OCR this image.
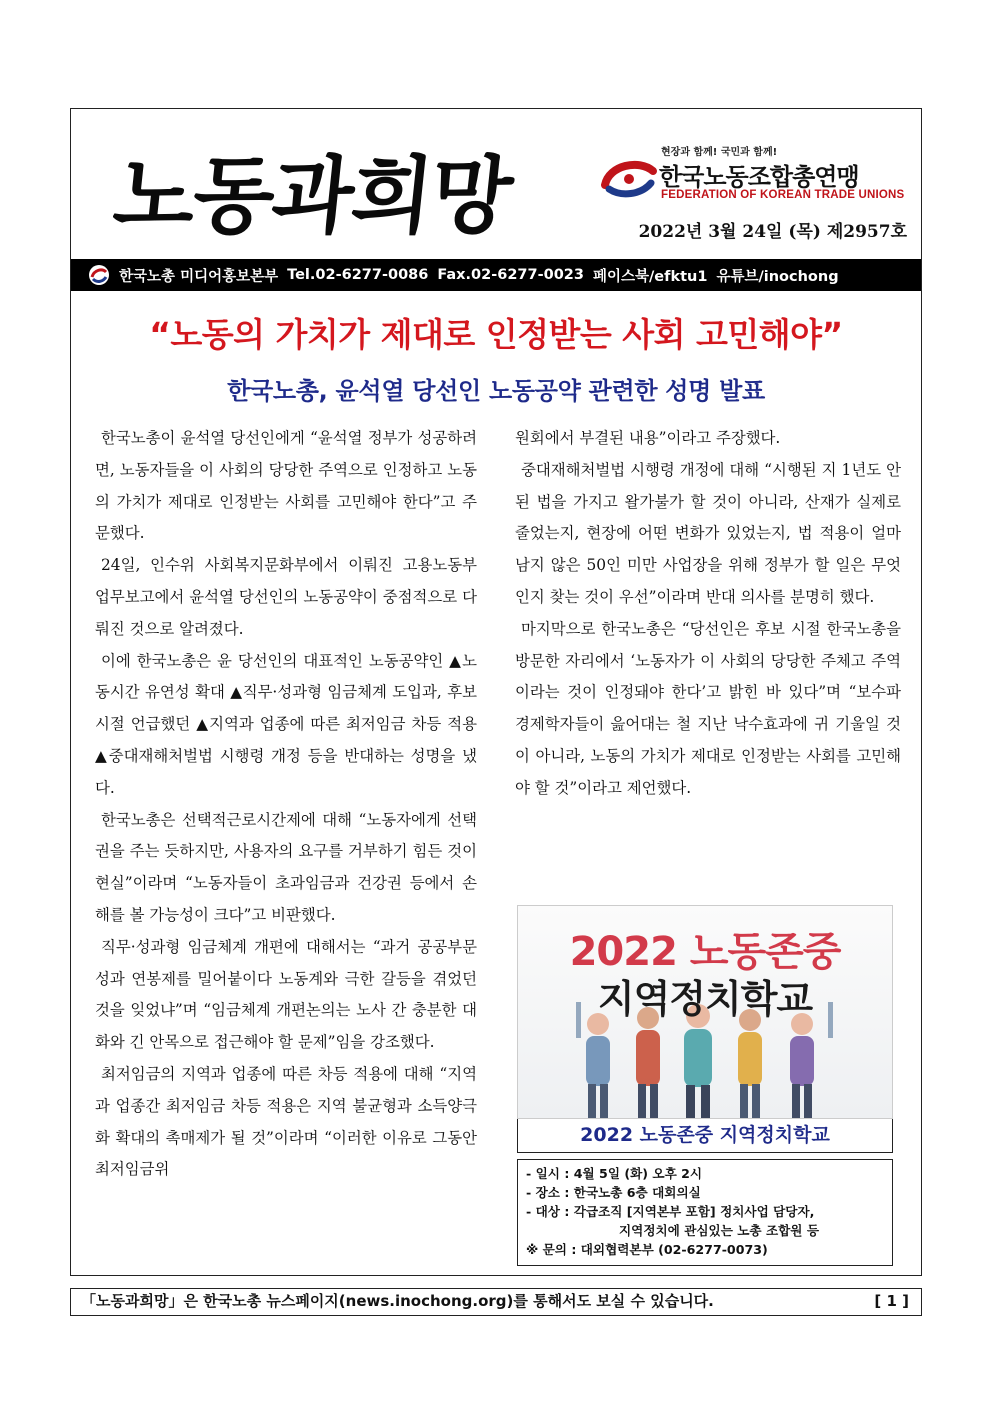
노동과희망	현장과 함께! 국민과 함께!
한국노동조합총연맹
FEDERATION OF KOREAN TRADE UNIONS
2022년 3월 24일 (목) 제2957호
한국노총 미디어홍보본부 Tel.02-6277-0086 Fax.02-6277-0023 페이스북/efktu1 유튜브/inochong
“노동의 가치가 제대로 인정받는 사회 고민해야”
한국노총, 윤석열 당선인 노동공약 관련한 성명 발표

한국노총이 윤석열 당선인에게 “윤석열 정부가 성공하려면, 노동자들을 이 사회의 당당한 주역으로 인정하고 노동의 가치가 제대로 인정받는 사회를 고민해야 한다”고 주문했다.

24일, 인수위 사회복지문화부에서 이뤄진 고용노동부 업무보고에서 윤석열 당선인의 노동공약이 중점적으로 다뤄진 것으로 알려졌다.

이에 한국노총은 윤 당선인의 대표적인 노동공약인 ▲노동시간 유연성 확대 ▲직무·성과형 임금체계 도입과, 후보 시절 언급했던 ▲지역과 업종에 따른 최저임금 차등 적용 ▲중대재해처벌법 시행령 개정 등을 반대하는 성명을 냈다.

한국노총은 선택적근로시간제에 대해 “노동자에게 선택권을 주는 듯하지만, 사용자의 요구를 거부하기 힘든 것이 현실”이라며 “노동자들이 초과임금과 건강권 등에서 손해를 볼 가능성이 크다”고 비판했다.

직무·성과형 임금체계 개편에 대해서는 “과거 공공부문 성과 연봉제를 밀어붙이다 노동계와 극한 갈등을 겪었던 것을 잊었냐”며 “임금체계 개편논의는 노사 간 충분한 대화와 긴 안목으로 접근해야 할 문제”임을 강조했다.

최저임금의 지역과 업종에 따른 차등 적용에 대해 “지역과 업종간 최저임금 차등 적용은 지역 불균형과 소득양극화 확대의 촉매제가 될 것”이라며 “이러한 이유로 그동안 최저임금위

원회에서 부결된 내용”이라고 주장했다.

중대재해처벌법 시행령 개정에 대해 “시행된 지 1년도 안 된 법을 가지고 왈가불가 할 것이 아니라, 산재가 실제로 줄었는지, 현장에 어떤 변화가 있었는지, 법 적용이 얼마 남지 않은 50인 미만 사업장을 위해 정부가 할 일은 무엇인지 찾는 것이 우선”이라며 반대 의사를 분명히 했다.

마지막으로 한국노총은 “당선인은 후보 시절 한국노총을 방문한 자리에서 ‘노동자가 이 사회의 당당한 주체고 주역이라는 것이 인정돼야 한다’고 밝힌 바 있다”며 “보수파 경제학자들이 읊어대는 철 지난 낙수효과에 귀 기울일 것이 아니라, 노동의 가치가 제대로 인정받는 사회를 고민해야 할 것”이라고 제언했다.

2022 노동존중
지역정치학교
2022 노동존중 지역정치학교
- 일시 : 4월 5일 (화) 오후 2시
- 장소 : 한국노총 6층 대회의실
- 대상 : 각급조직 [지역본부 포함] 정치사업 담당자,
지역정치에 관심있는 노총 조합원 등
※ 문의 : 대외협력본부 (02-6277-0073)
「노동과희망」은 한국노총 뉴스페이지(news.inochong.org)를 통해서도 보실 수 있습니다.	[ 1 ]
